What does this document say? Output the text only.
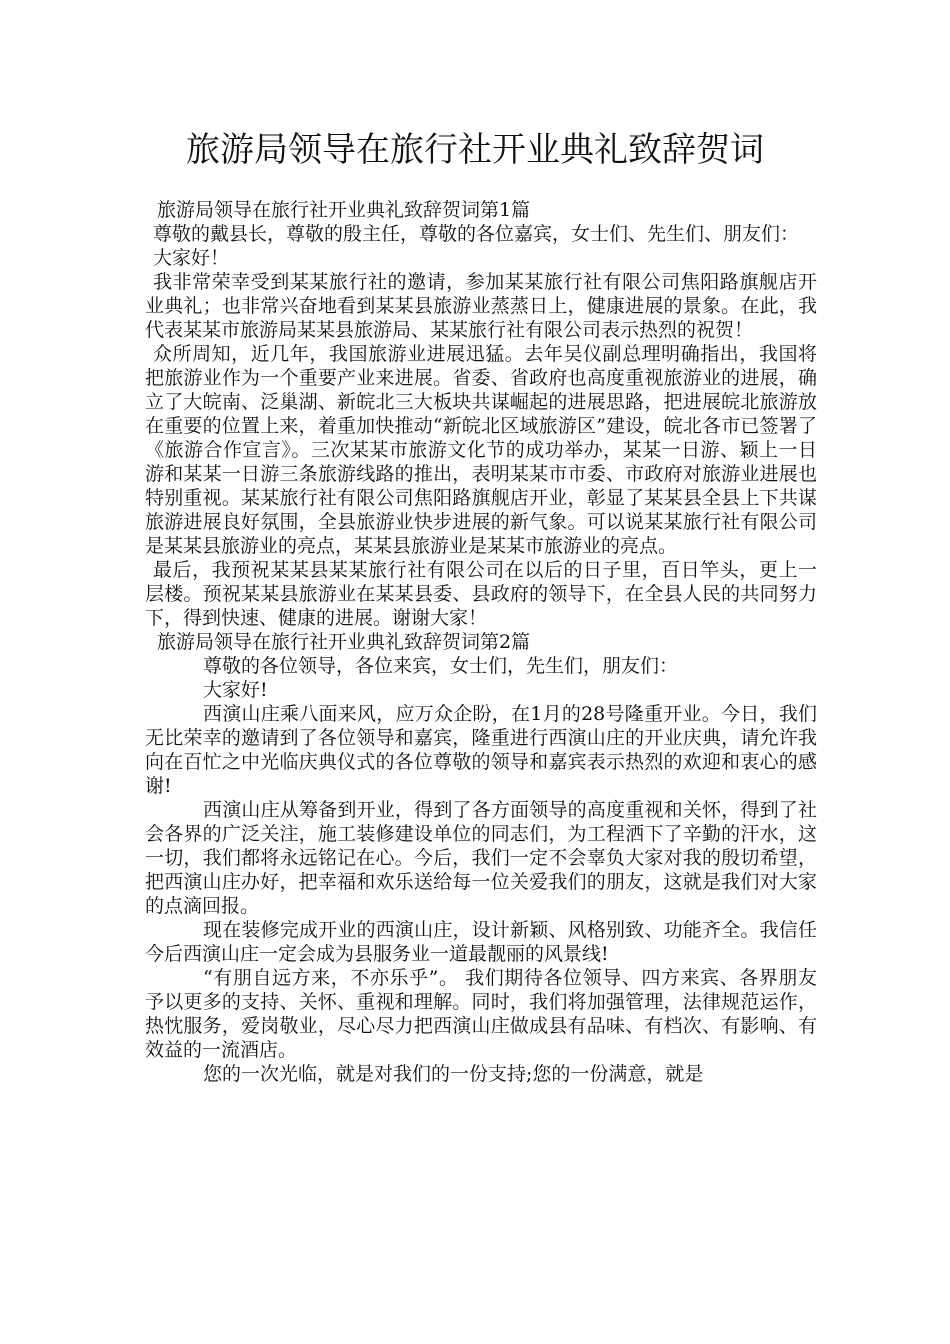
旅游局领导在旅行社开业典礼致辞贺词

旅游局领导在旅行社开业典礼致辞贺词第1篇

尊敬的戴县长，尊敬的殷主任，尊敬的各位嘉宾，女士们、先生们、朋友们：

大家好！

我非常荣幸受到某某旅行社的邀请，参加某某旅行社有限公司焦阳路旗舰店开业典礼；也非常兴奋地看到某某县旅游业蒸蒸日上，健康进展的景象。在此，我代表某某市旅游局某某县旅游局、某某旅行社有限公司表示热烈的祝贺！

众所周知，近几年，我国旅游业进展迅猛。去年吴仪副总理明确指出，我国将把旅游业作为一个重要产业来进展。省委、省政府也高度重视旅游业的进展，确立了大皖南、泛巢湖、新皖北三大板块共谋崛起的进展思路，把进展皖北旅游放在重要的位置上来，着重加快推动“新皖北区域旅游区”建设，皖北各市已签署了《旅游合作宣言》。三次某某市旅游文化节的成功举办，某某一日游、颖上一日游和某某一日游三条旅游线路的推出，表明某某市市委、市政府对旅游业进展也特别重视。某某旅行社有限公司焦阳路旗舰店开业，彰显了某某县全县上下共谋旅游进展良好氛围，全县旅游业快步进展的新气象。可以说某某旅行社有限公司是某某县旅游业的亮点，某某县旅游业是某某市旅游业的亮点。

最后，我预祝某某县某某旅行社有限公司在以后的日子里，百日竿头，更上一层楼。预祝某某县旅游业在某某县委、县政府的领导下，在全县人民的共同努力下，得到快速、健康的进展。谢谢大家！

旅游局领导在旅行社开业典礼致辞贺词第2篇

尊敬的各位领导，各位来宾，女士们，先生们，朋友们：

大家好!

西演山庄乘八面来风，应万众企盼，在1月的28号隆重开业。今日，我们无比荣幸的邀请到了各位领导和嘉宾，隆重进行西演山庄的开业庆典，请允许我向在百忙之中光临庆典仪式的各位尊敬的领导和嘉宾表示热烈的欢迎和衷心的感谢!

西演山庄从筹备到开业，得到了各方面领导的高度重视和关怀，得到了社会各界的广泛关注，施工装修建设单位的同志们，为工程洒下了辛勤的汗水，这一切，我们都将永远铭记在心。今后，我们一定不会辜负大家对我的殷切希望，把西演山庄办好，把幸福和欢乐送给每一位关爱我们的朋友，这就是我们对大家的点滴回报。

现在装修完成开业的西演山庄，设计新颖、风格别致、功能齐全。我信任今后西演山庄一定会成为县服务业一道最靓丽的风景线!

“有朋自远方来，不亦乐乎”。 我们期待各位领导、四方来宾、各界朋友予以更多的支持、关怀、重视和理解。同时，我们将加强管理，法律规范运作，热忱服务，爱岗敬业，尽心尽力把西演山庄做成县有品味、有档次、有影响、有效益的一流酒店。

您的一次光临，就是对我们的一份支持;您的一份满意，就是
